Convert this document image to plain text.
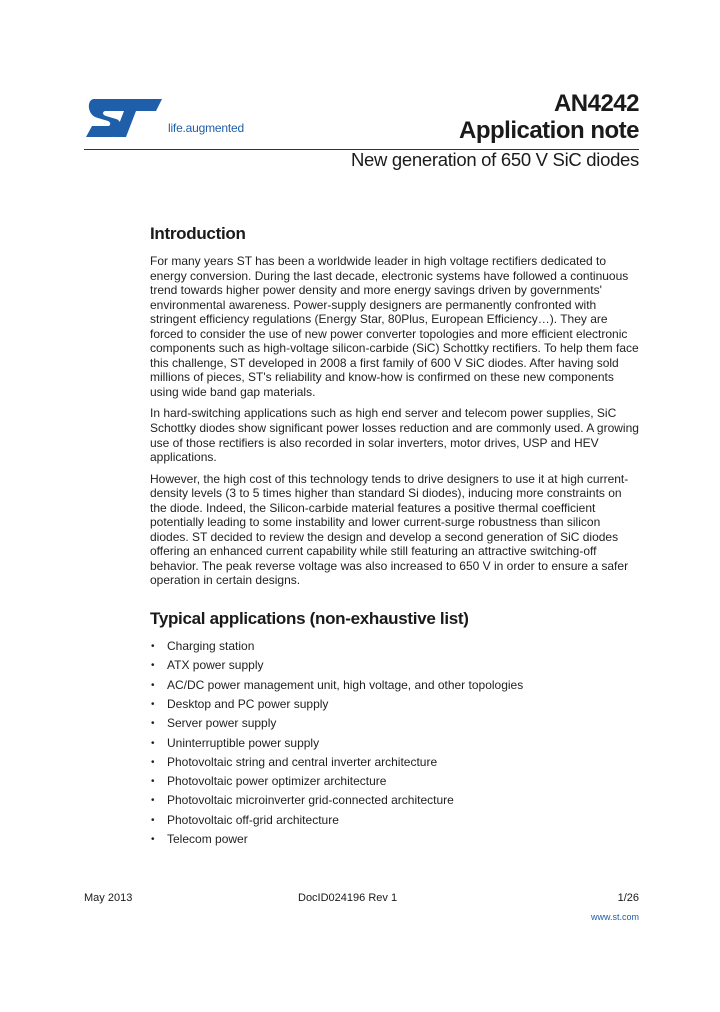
life.augmented
AN4242
Application note
New generation of 650 V SiC diodes
Introduction

For many years ST has been a worldwide leader in high voltage rectifiers dedicated to energy conversion. During the last decade, electronic systems have followed a continuous trend towards higher power density and more energy savings driven by governments' environmental awareness. Power-supply designers are permanently confronted with stringent efficiency regulations (Energy Star, 80Plus, European Efficiency…). They are forced to consider the use of new power converter topologies and more efficient electronic components such as high-voltage silicon-carbide (SiC) Schottky rectifiers. To help them face this challenge, ST developed in 2008 a first family of 600 V SiC diodes. After having sold millions of pieces, ST's reliability and know-how is confirmed on these new components using wide band gap materials.

In hard-switching applications such as high end server and telecom power supplies, SiC Schottky diodes show significant power losses reduction and are commonly used. A growing use of those rectifiers is also recorded in solar inverters, motor drives, USP and HEV applications.

However, the high cost of this technology tends to drive designers to use it at high current-density levels (3 to 5 times higher than standard Si diodes), inducing more constraints on the diode. Indeed, the Silicon-carbide material features a positive thermal coefficient potentially leading to some instability and lower current-surge robustness than silicon diodes. ST decided to review the design and develop a second generation of SiC diodes offering an enhanced current capability while still featuring an attractive switching-off behavior. The peak reverse voltage was also increased to 650 V in order to ensure a safer operation in certain designs.

Typical applications (non-exhaustive list)
• Charging station
• ATX power supply
• AC/DC power management unit, high voltage, and other topologies
• Desktop and PC power supply
• Server power supply
• Uninterruptible power supply
• Photovoltaic string and central inverter architecture
• Photovoltaic power optimizer architecture
• Photovoltaic microinverter grid-connected architecture
• Photovoltaic off-grid architecture
• Telecom power
May 2013	DocID024196 Rev 1	1/26
www.st.com
